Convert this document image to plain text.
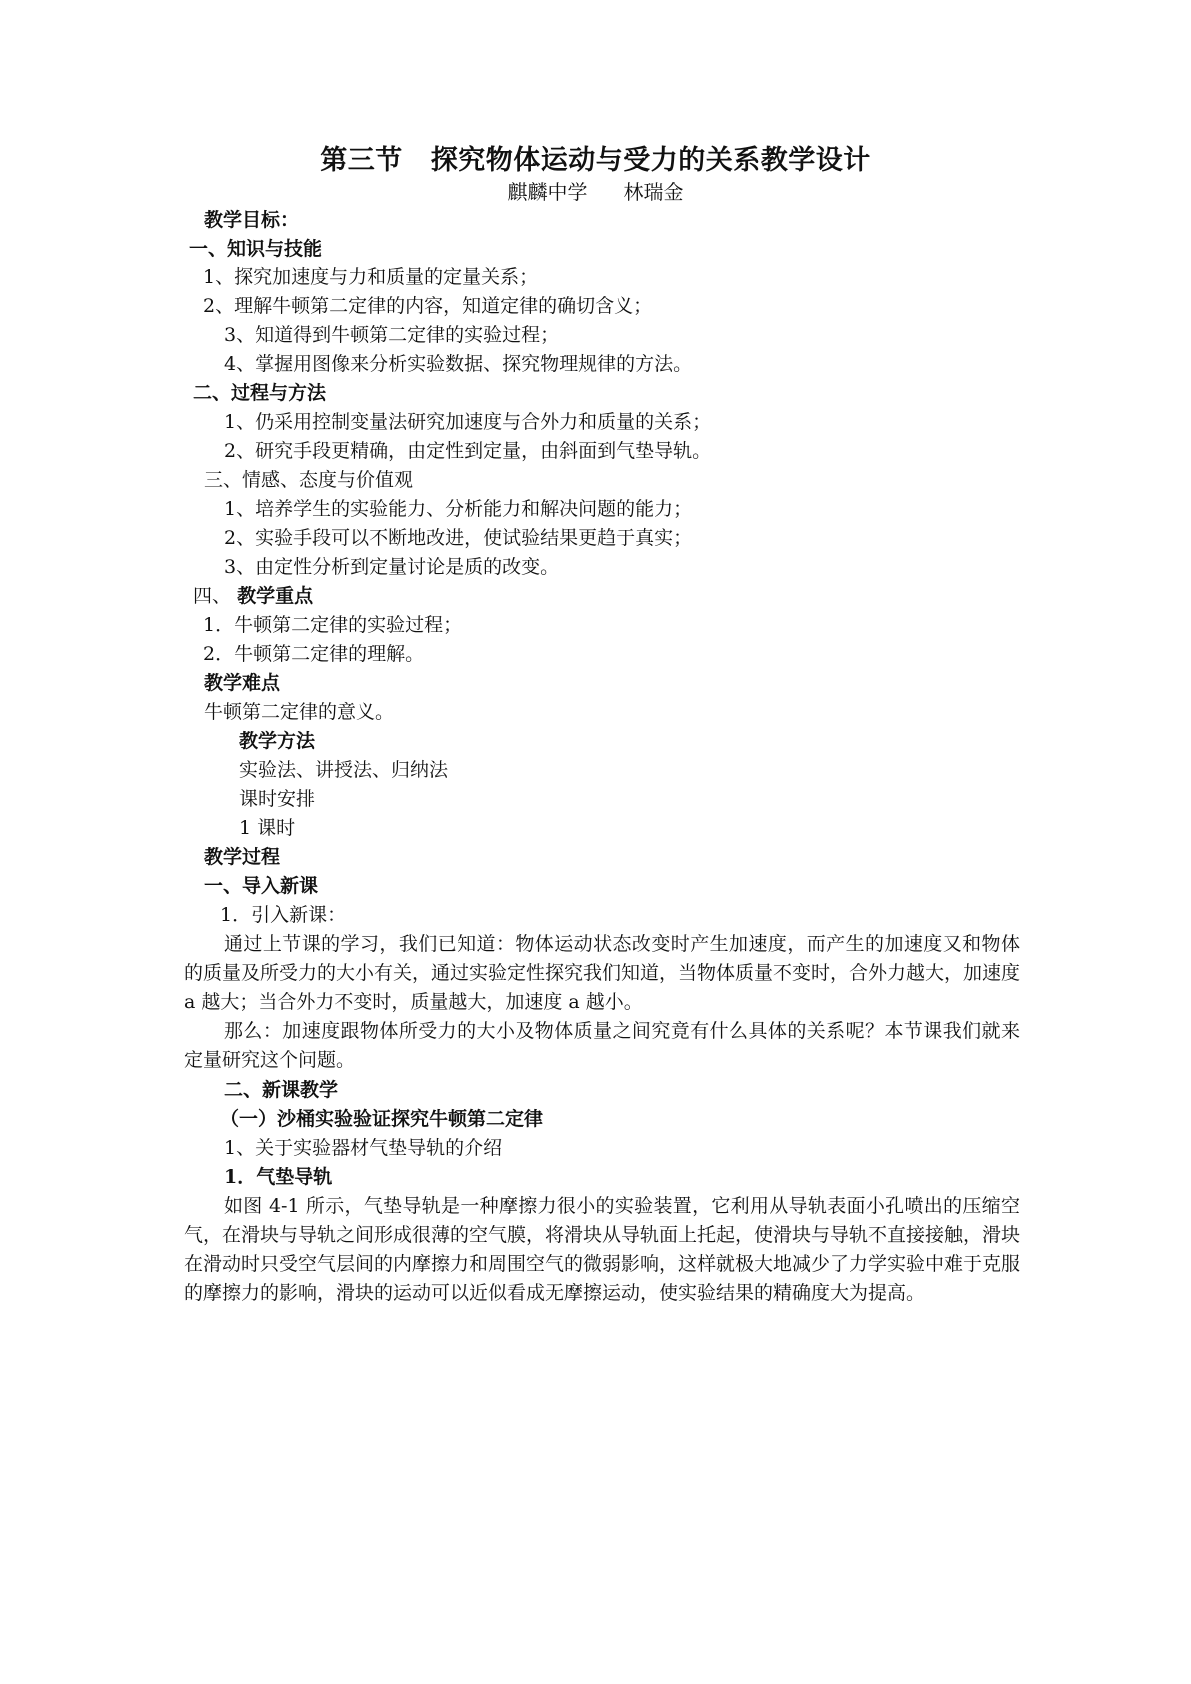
第三节 探究物体运动与受力的关系教学设计
麒麟中学 林瑞金
教学目标：
一、知识与技能
1、探究加速度与力和质量的定量关系；
2、理解牛顿第二定律的内容，知道定律的确切含义；
3、知道得到牛顿第二定律的实验过程；
4、掌握用图像来分析实验数据、探究物理规律的方法。
二、过程与方法
1、仍采用控制变量法研究加速度与合外力和质量的关系；
2、研究手段更精确，由定性到定量，由斜面到气垫导轨。
三、情感、态度与价值观
1、培养学生的实验能力、分析能力和解决问题的能力；
2、实验手段可以不断地改进，使试验结果更趋于真实；
3、由定性分析到定量讨论是质的改变。
四、 教学重点
1．牛顿第二定律的实验过程；
2．牛顿第二定律的理解。
教学难点
牛顿第二定律的意义。
教学方法
实验法、讲授法、归纳法
课时安排
1 课时
教学过程
一、导入新课
1．引入新课：
通过上节课的学习，我们已知道：物体运动状态改变时产生加速度，而产生的加速度又和物体的质量及所受力的大小有关，通过实验定性探究我们知道，当物体质量不变时，合外力越大，加速度 a 越大；当合外力不变时，质量越大，加速度 a 越小。
那么：加速度跟物体所受力的大小及物体质量之间究竟有什么具体的关系呢？本节课我们就来定量研究这个问题。
二、新课教学
（一）沙桶实验验证探究牛顿第二定律
1、关于实验器材气垫导轨的介绍
1．气垫导轨
如图 4-1 所示，气垫导轨是一种摩擦力很小的实验装置，它利用从导轨表面小孔喷出的压缩空气，在滑块与导轨之间形成很薄的空气膜，将滑块从导轨面上托起，使滑块与导轨不直接接触，滑块在滑动时只受空气层间的内摩擦力和周围空气的微弱影响，这样就极大地减少了力学实验中难于克服的摩擦力的影响，滑块的运动可以近似看成无摩擦运动，使实验结果的精确度大为提高。
